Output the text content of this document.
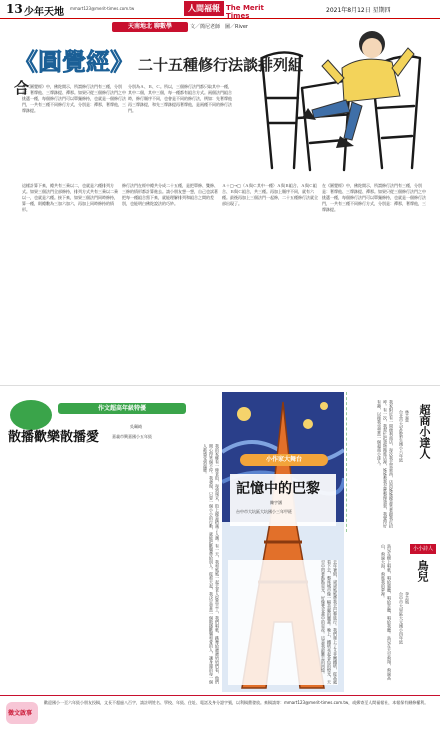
13 少年天地 mmart123@merit-times.com.tw	人間福報 The Merit Times
2021年8月12日 星期四
天南地北 聊數學	文／簡尼老師　圖／River
《圓覺經》 二十五種修行法談排列組合
在《圓覺經》中，佛陀開示，所謂修行法門有三種，分別是：奢摩他、三摩鉢提、禪那。如果只從三個修行法門之中挑選一種，每個修行法門可以單獨修持，也就是一個修行法門，一共有三種不同修行方式，分別是：禪那，奢摩他，三摩鉢提。
分別為Ａ、Ｂ、Ｃ。所以，三個修行法門都只取其中一種，其中二個，其中三個，每一種都有組合方式。兩個法門組合時，修行順序不同，也會是不同的修行法，例如：先奢摩他再三摩鉢提，和先三摩鉢提再奢摩他，是兩種不同的修行法門。
這樣計算下來，總共有三乘以二，也就是六種排列方式。如果三個法門全部修持，排列方式共有三乘以二乘以一，也就是六種。接下來，如果三個法門同時修持，算一種，則總數為三加六加六，再加上同時修持的情形。
修行法門在經中總共分成二十五種，是把單修、雙修、三修的情形都計算進去。請小朋友想一想，自己也試著把每一種組合寫下來，就能理解排列和組合之間的差別，也能明白佛陀說法的巧妙。
Ａ＋□→□（Ａ與Ｃ其中一種）Ａ與Ｂ組合、Ａ與Ｃ組合、Ｂ與Ｃ組合，共三種。再加上順序不同，就有六種。最後再加上三個法門一起修，二十五種修行法就全部出現了。
在《圓覺經》中，佛陀開示，所謂修行法門有三種，分別是：奢摩他、三摩鉢提、禪那。如果只從三個修行法門之中挑選一種，每個修行法門可以單獨修持，也就是一個修行法門，一共有三種不同修行方式，分別是：禪那，奢摩他，三摩鉢提。
作文超高年級特優
散播歡樂散播愛
吳珮綺
嘉義市興嘉國小五年級
我的家鄉有一條老街，每到週末，街上總是擠滿了人潮。有一天，我和媽媽一起去老人院當志工，我們唱歌、跳舞給爺爺奶奶們看，他們開心得笑個不停。我發現，只要一個小小的行動，就能把歡樂帶給別人。從那天起，我決定要當一個散播歡樂和愛的人，讓身邊的每一個人都感受到溫暖。	小作家大舞台
記憶中的巴黎
陳宇涵
台中市大坑區大坑國小三年甲班
去年暑假，爸爸媽媽帶我去巴黎旅行。我們爬上了艾菲爾鐵塔，從高處看下去，整座城市像一幅美麗的圖畫。晚上，鐵塔亮起金色的燈光，天空中閃著點點星光，好像梵谷畫中的星夜。這是我最難忘的回憶。
超商小達人
林芯蕾
台北市大安區新生國小六年級
我家附近有一間便利商店，每次我去買東西，店員姊姊總是笑著跟我打招呼。有一次，我幫忙把貨物搬進店裡，姊姊教我怎麼整理貨架，我覺得好有趣，以後我也想當一個超商小達人。
小小詩人
鳥兒
李芸嫣
台中市大里區大元國小四年級
鳥兒在樹上唱歌，唱給風聽，唱給雲聽，唱給我聽。鳥兒在天空飛翔，飛過高山，飛過大海，飛進我的夢裡。
徵文啟事
歡迎國小一至六年級小朋友投稿，文長不超過八百字，請註明姓名、學校、年級、住址、電話及身分證字號，以利稿費發放。來稿請寄：mmart123@merit-times.com.tw，或郵寄至人間福報社，本報保有刪修權利。
